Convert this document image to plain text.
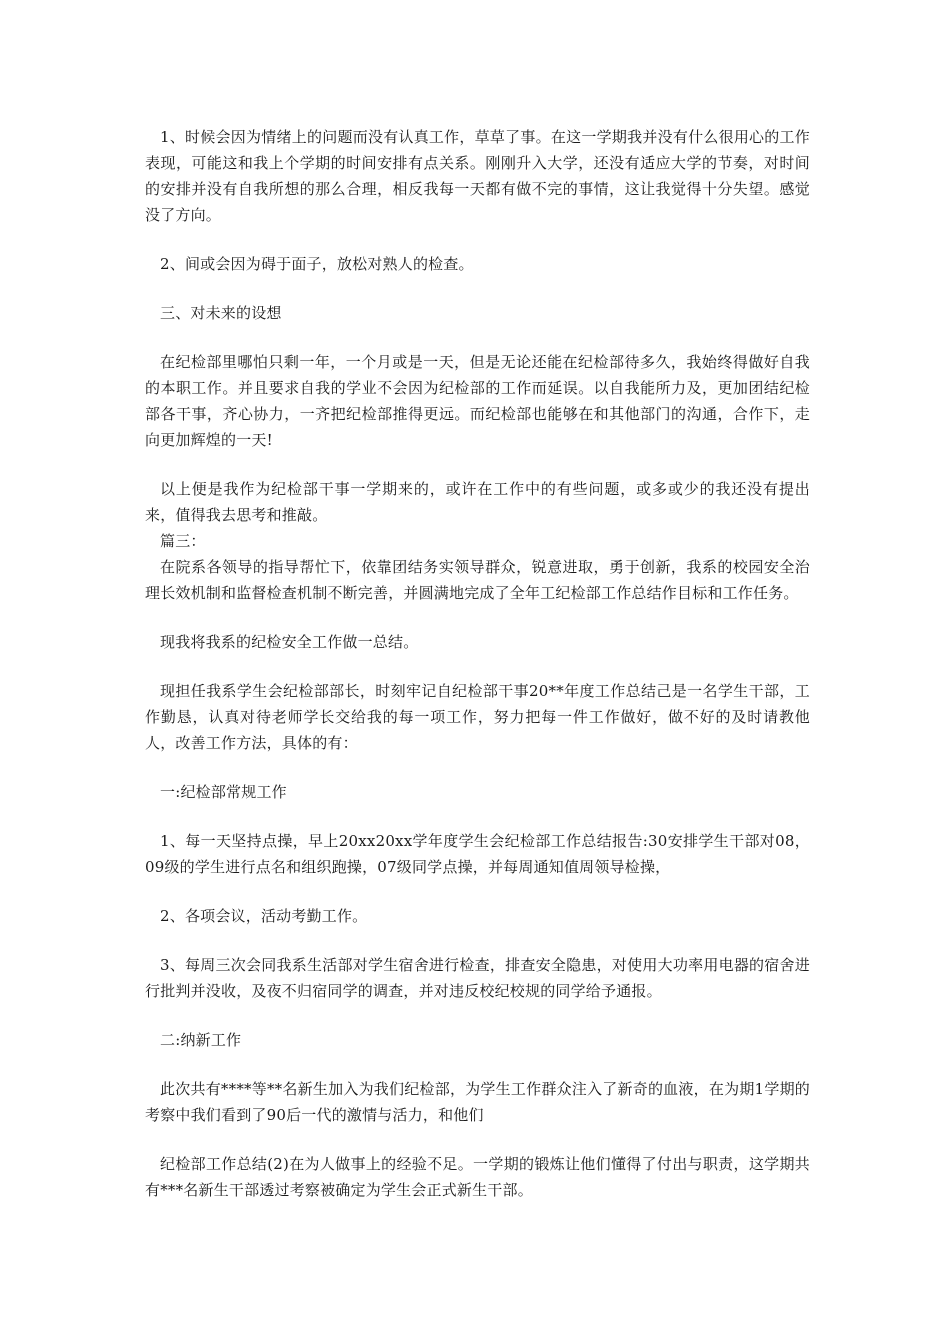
1、时候会因为情绪上的问题而没有认真工作，草草了事。在这一学期我并没有什么很用心的工作表现，可能这和我上个学期的时间安排有点关系。刚刚升入大学，还没有适应大学的节奏，对时间的安排并没有自我所想的那么合理，相反我每一天都有做不完的事情，这让我觉得十分失望。感觉没了方向。

2、间或会因为碍于面子，放松对熟人的检查。

三、对未来的设想

在纪检部里哪怕只剩一年，一个月或是一天，但是无论还能在纪检部待多久，我始终得做好自我的本职工作。并且要求自我的学业不会因为纪检部的工作而延误。以自我能所力及，更加团结纪检部各干事，齐心协力，一齐把纪检部推得更远。而纪检部也能够在和其他部门的沟通，合作下，走向更加辉煌的一天!

以上便是我作为纪检部干事一学期来的，或许在工作中的有些问题，或多或少的我还没有提出来，值得我去思考和推敲。

篇三：

在院系各领导的指导帮忙下，依靠团结务实领导群众，锐意进取，勇于创新，我系的校园安全治理长效机制和监督检查机制不断完善，并圆满地完成了全年工纪检部工作总结作目标和工作任务。

现我将我系的纪检安全工作做一总结。

现担任我系学生会纪检部部长，时刻牢记自纪检部干事20**年度工作总结己是一名学生干部，工作勤恳，认真对待老师学长交给我的每一项工作，努力把每一件工作做好，做不好的及时请教他人，改善工作方法，具体的有：

一:纪检部常规工作

1、每一天坚持点操，早上20xx20xx学年度学生会纪检部工作总结报告:30安排学生干部对08，09级的学生进行点名和组织跑操，07级同学点操，并每周通知值周领导检操，

2、各项会议，活动考勤工作。

3、每周三次会同我系生活部对学生宿舍进行检查，排查安全隐患，对使用大功率用电器的宿舍进行批判并没收，及夜不归宿同学的调查，并对违反校纪校规的同学给予通报。

二:纳新工作

此次共有****等**名新生加入为我们纪检部，为学生工作群众注入了新奇的血液，在为期1学期的考察中我们看到了90后一代的激情与活力，和他们

纪检部工作总结(2)在为人做事上的经验不足。一学期的锻炼让他们懂得了付出与职责，这学期共有***名新生干部透过考察被确定为学生会正式新生干部。
